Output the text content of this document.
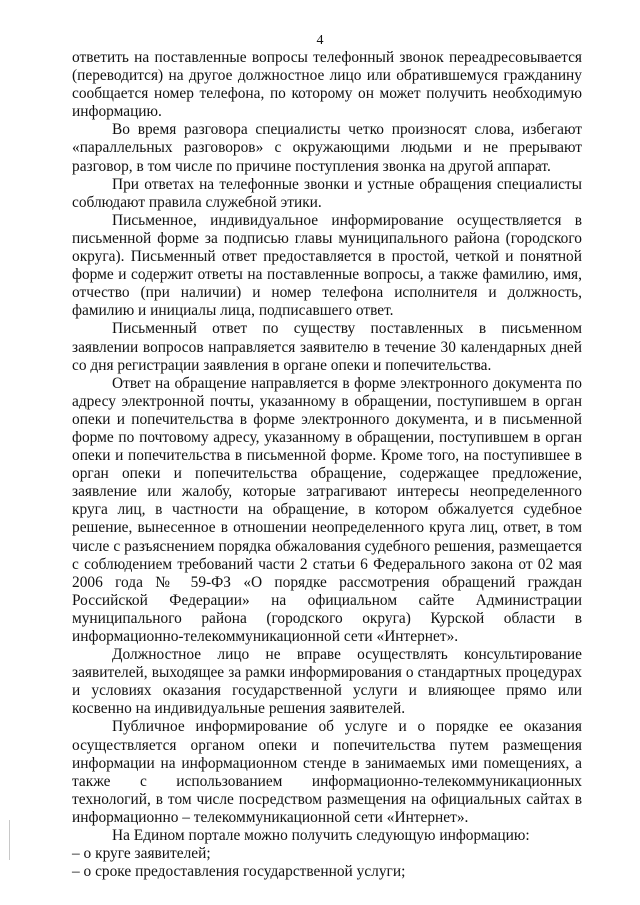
4

ответить на поставленные вопросы телефонный звонок переадресовывается (переводится) на другое должностное лицо или обратившемуся гражданину сообщается номер телефона, по которому он может получить необходимую информацию.

Во время разговора специалисты четко произносят слова, избегают «параллельных разговоров» с окружающими людьми и не прерывают разговор, в том числе по причине поступления звонка на другой аппарат.

При ответах на телефонные звонки и устные обращения специалисты соблюдают правила служебной этики.

Письменное, индивидуальное информирование осуществляется в письменной форме за подписью главы муниципального района (городского округа). Письменный ответ предоставляется в простой, четкой и понятной форме и содержит ответы на поставленные вопросы, а также фамилию, имя, отчество (при наличии) и номер телефона исполнителя и должность, фамилию и инициалы лица, подписавшего ответ.

Письменный ответ по существу поставленных в письменном заявлении вопросов направляется заявителю в течение 30 календарных дней со дня регистрации заявления в органе опеки и попечительства.

Ответ на обращение направляется в форме электронного документа по адресу электронной почты, указанному в обращении, поступившем в орган опеки и попечительства в форме электронного документа, и в письменной форме по почтовому адресу, указанному в обращении, поступившем в орган опеки и попечительства в письменной форме. Кроме того, на поступившее в орган опеки и попечительства обращение, содержащее предложение, заявление или жалобу, которые затрагивают интересы неопределенного круга лиц, в частности на обращение, в котором обжалуется судебное решение, вынесенное в отношении неопределенного круга лиц, ответ, в том числе с разъяснением порядка обжалования судебного решения, размещается с соблюдением требований части 2 статьи 6 Федерального закона от 02 мая 2006 года № 59-ФЗ «О порядке рассмотрения обращений граждан Российской Федерации» на официальном сайте Администрации муниципального района (городского округа) Курской области в информационно-телекоммуникационной сети «Интернет».

Должностное лицо не вправе осуществлять консультирование заявителей, выходящее за рамки информирования о стандартных процедурах и условиях оказания государственной услуги и влияющее прямо или косвенно на индивидуальные решения заявителей.

Публичное информирование об услуге и о порядке ее оказания осуществляется органом опеки и попечительства путем размещения информации на информационном стенде в занимаемых ими помещениях, а также с использованием информационно-телекоммуникационных технологий, в том числе посредством размещения на официальных сайтах в информационно – телекоммуникационной сети «Интернет».

На Едином портале можно получить следующую информацию:

– о круге заявителей;

– о сроке предоставления государственной услуги;
